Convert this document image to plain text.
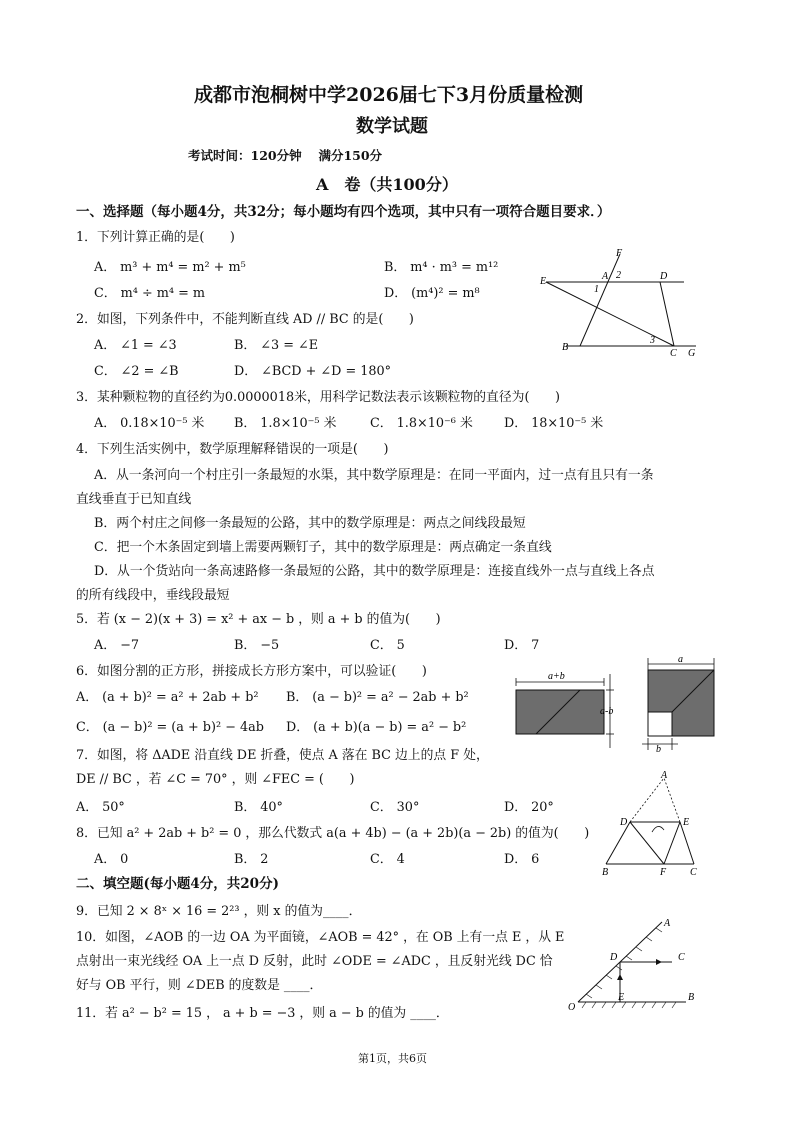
成都市泡桐树中学2026届七下3月份质量检测
数学试题
考试时间：120分钟　 满分150分
A　卷（共100分）
一、选择题（每小题4分，共32分；每小题均有四个选项，其中只有一项符合题目要求．）
1．下列计算正确的是(　　)
A． m³ + m⁴ = m² + m⁵	B． m⁴ · m³ = m¹²
C． m⁴ ÷ m⁴ = m	D． (m⁴)² = m⁸
2．如图，下列条件中，不能判断直线 AD // BC 的是(　　)
A． ∠1 = ∠3	B． ∠3 = ∠E
C． ∠2 = ∠B	D． ∠BCD + ∠D = 180°
E
F
A 2
1
D
B
3
C G
3．某种颗粒物的直径约为0.0000018米，用科学记数法表示该颗粒物的直径为(　　)
A． 0.18×10⁻⁵ 米 B． 1.8×10⁻⁵ 米	C． 1.8×10⁻⁶ 米 D． 18×10⁻⁵ 米
4．下列生活实例中，数学原理解释错误的一项是(　　)
A．从一条河向一个村庄引一条最短的水渠，其中数学原理是：在同一平面内，过一点有且只有一条
直线垂直于已知直线
B．两个村庄之间修一条最短的公路，其中的数学原理是：两点之间线段最短
C．把一个木条固定到墙上需要两颗钉子，其中的数学原理是：两点确定一条直线
D．从一个货站向一条高速路修一条最短的公路，其中的数学原理是：连接直线外一点与直线上各点
的所有线段中，垂线段最短
5．若 (x − 2)(x + 3) = x² + ax − b ，则 a + b 的值为(　　)
A． −7	B． −5	C． 5	D． 7
6．如图分割的正方形，拼接成长方形方案中，可以验证(　　)
A． (a + b)² = a² + 2ab + b² B． (a − b)² = a² − 2ab + b²
C． (a − b)² = (a + b)² − 4ab D． (a + b)(a − b) = a² − b²
a+b
a-b
a
b
7．如图，将 ΔADE 沿直线 DE 折叠，使点 A 落在 BC 边上的点 F 处，
DE // BC ，若 ∠C = 70° ，则 ∠FEC = (　　)
A． 50°	B． 40°	C． 30°	D． 20°
A
D	E
B	F C
8．已知 a² + 2ab + b² = 0 ，那么代数式 a(a + 4b) − (a + 2b)(a − 2b) 的值为(　　)
A． 0	B． 2	C． 4	D． 6
二、填空题(每小题4分，共20分)
9．已知 2 × 8ˣ × 16 = 2²³ ，则 x 的值为____．
10．如图，∠AOB 的一边 OA 为平面镜，∠AOB = 42° ，在 OB 上有一点 E ，从 E
点射出一束光线经 OA 上一点 D 反射，此时 ∠ODE = ∠ADC ，且反射光线 DC 恰
好与 OB 平行，则 ∠DEB 的度数是 ____．
A
D	C
O
E	B
11．若 a² − b² = 15 ， a + b = −3 ，则 a − b 的值为 ____．
第1页，共6页
